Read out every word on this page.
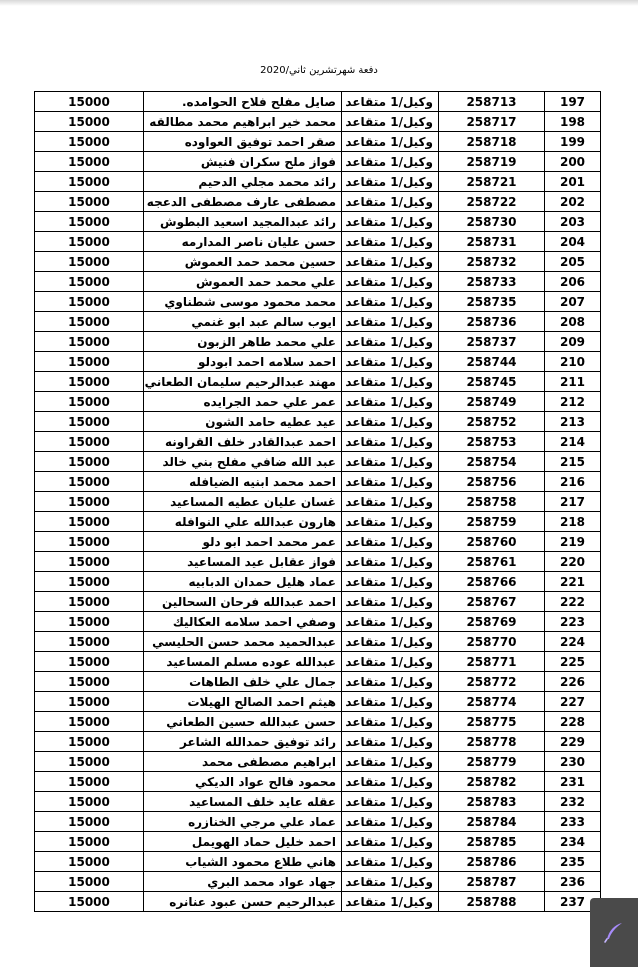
دفعة شهرتشرين ثاني/2020
197	258713	وكيل/1 متقاعد	صايل مفلح فلاح الحوامده.	15000
198	258717	وكيل/1 متقاعد	محمد خير ابراهيم محمد مطالقه	15000
199	258718	وكيل/1 متقاعد	صقر احمد توفيق العواوده	15000
200	258719	وكيل/1 متقاعد	فواز ملح سكران فنيش	15000
201	258721	وكيل/1 متقاعد	رائد محمد مجلي الدحيم	15000
202	258722	وكيل/1 متقاعد	مصطفى عارف مصطفى الدعجه	15000
203	258730	وكيل/1 متقاعد	رائد عبدالمجيد اسعيد البطوش	15000
204	258731	وكيل/1 متقاعد	حسن عليان ناصر المدارمه	15000
205	258732	وكيل/1 متقاعد	حسين محمد حمد العموش	15000
206	258733	وكيل/1 متقاعد	علي محمد حمد العموش	15000
207	258735	وكيل/1 متقاعد	محمد محمود موسى شطناوي	15000
208	258736	وكيل/1 متقاعد	ايوب سالم عبد ابو غنمي	15000
209	258737	وكيل/1 متقاعد	علي محمد طاهر الزبون	15000
210	258744	وكيل/1 متقاعد	احمد سلامه احمد ابودلو	15000
211	258745	وكيل/1 متقاعد	مهند عبدالرحيم سليمان الطعاني	15000
212	258749	وكيل/1 متقاعد	عمر علي حمد الجرايده	15000
213	258752	وكيل/1 متقاعد	عيد عطيه حامد الشون	15000
214	258753	وكيل/1 متقاعد	احمد عبدالقادر خلف القراونه	15000
215	258754	وكيل/1 متقاعد	عبد الله ضافي مفلح بني خالد	15000
216	258756	وكيل/1 متقاعد	احمد محمد ابنيه الضيافله	15000
217	258758	وكيل/1 متقاعد	غسان عليان عطيه المساعيد	15000
218	258759	وكيل/1 متقاعد	هارون عبدالله علي النوافله	15000
219	258760	وكيل/1 متقاعد	عمر محمد احمد ابو دلو	15000
220	258761	وكيل/1 متقاعد	فواز عقابل عيد المساعيد	15000
221	258766	وكيل/1 متقاعد	عماد هليل حمدان الدبابيه	15000
222	258767	وكيل/1 متقاعد	احمد عبدالله فرحان السحالين	15000
223	258769	وكيل/1 متقاعد	وصفي احمد سلامه العكاليك	15000
224	258770	وكيل/1 متقاعد	عبدالحميد محمد حسن الحليسي	15000
225	258771	وكيل/1 متقاعد	عبدالله عوده مسلم المساعيد	15000
226	258772	وكيل/1 متقاعد	جمال علي خلف الطاهات	15000
227	258774	وكيل/1 متقاعد	هيثم احمد الصالح الهيلات	15000
228	258775	وكيل/1 متقاعد	حسن عبدالله حسين الطعاني	15000
229	258778	وكيل/1 متقاعد	رائد توفيق حمدالله الشاعر	15000
230	258779	وكيل/1 متقاعد	ابراهيم مصطفى محمد	15000
231	258782	وكيل/1 متقاعد	محمود فالح عواد الديكي	15000
232	258783	وكيل/1 متقاعد	عقله عايد خلف المساعيد	15000
233	258784	وكيل/1 متقاعد	عماد علي مرجي الخنازره	15000
234	258785	وكيل/1 متقاعد	احمد خليل حماد الهويمل	15000
235	258786	وكيل/1 متقاعد	هاني طلاع محمود الشياب	15000
236	258787	وكيل/1 متقاعد	جهاد عواد محمد البري	15000
237	258788	وكيل/1 متقاعد	عبدالرحيم حسن عبود عنانره	15000
